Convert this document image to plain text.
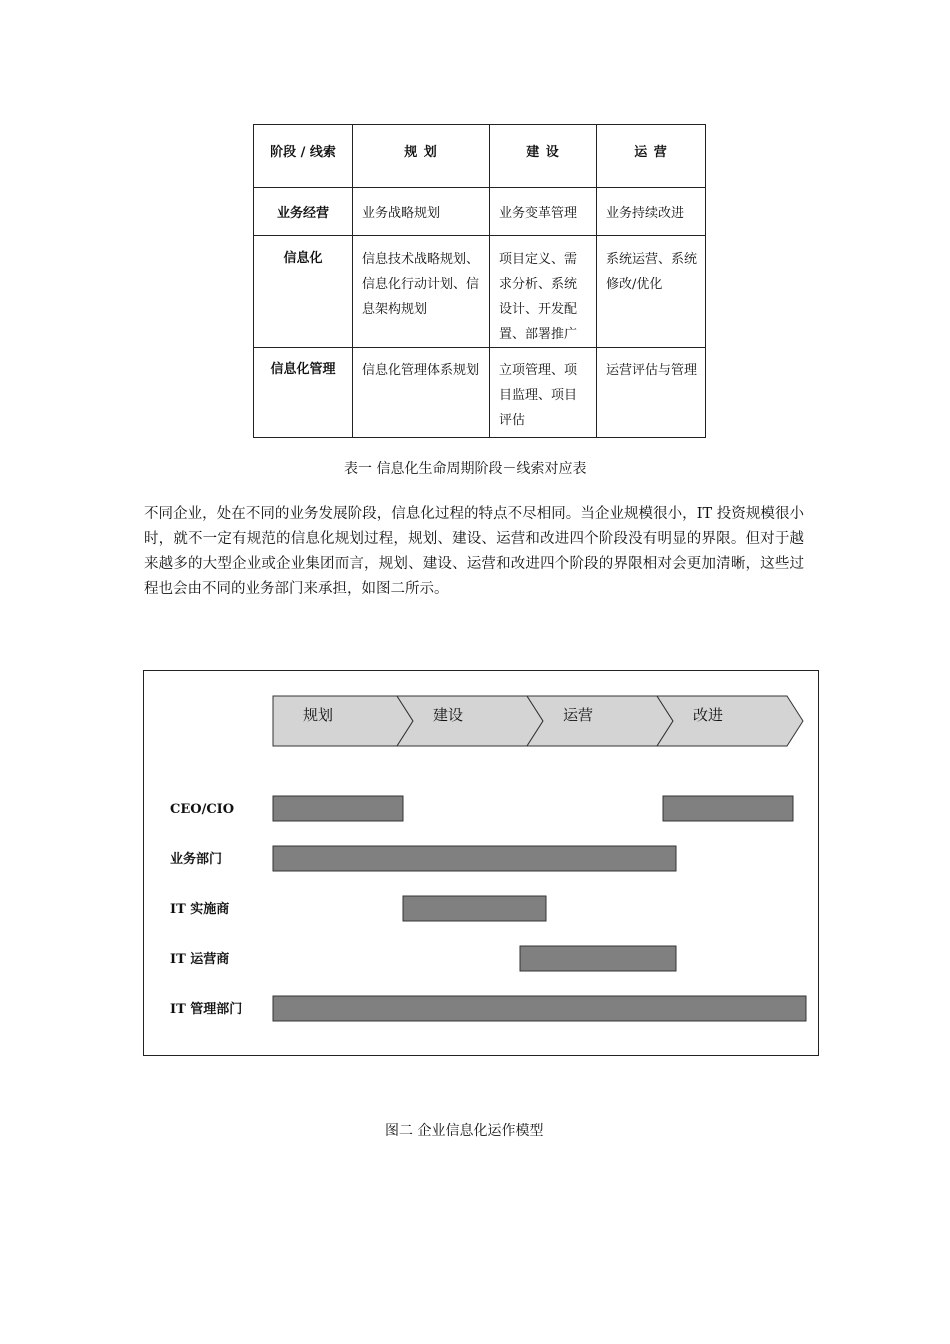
阶段 / 线索	规 划	建 设	运 营

业务经营	业务战略规划	业务变革管理	业务持续改进

信息化	信息技术战略规划、信息化行动计划、信息架构规划	项目定义、需求分析、系统设计、开发配置、部署推广	系统运营、系统修改/优化

信息化管理	信息化管理体系规划	立项管理、项目监理、项目评估	运营评估与管理
表一 信息化生命周期阶段－线索对应表

不同企业，处在不同的业务发展阶段，信息化过程的特点不尽相同。当企业规模很小，IT 投资规模很小时，就不一定有规范的信息化规划过程，规划、建设、运营和改进四个阶段没有明显的界限。但对于越来越多的大型企业或企业集团而言，规划、建设、运营和改进四个阶段的界限相对会更加清晰，这些过程也会由不同的业务部门来承担，如图二所示。

规划	建设	运营	改进
CEO/CIO
业务部门
IT 实施商
IT 运营商
IT 管理部门
图二 企业信息化运作模型
